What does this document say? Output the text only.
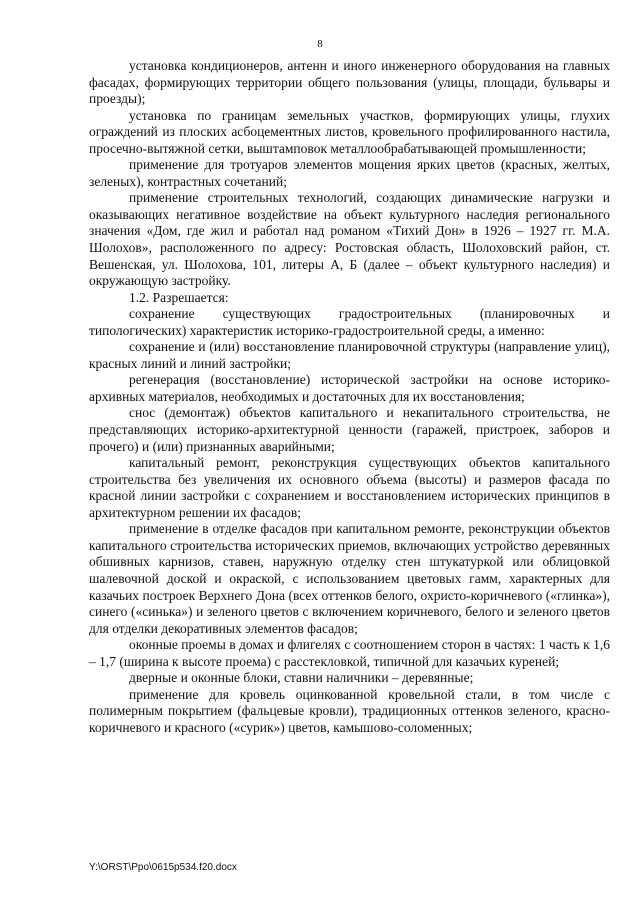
8

установка кондиционеров, антенн и иного инженерного оборудования на главных фасадах, формирующих территории общего пользования (улицы, площади, бульвары и проезды);

установка по границам земельных участков, формирующих улицы, глухих ограждений из плоских асбоцементных листов, кровельного профилированного настила, просечно-вытяжной сетки, выштамповок металлообрабатывающей промышленности;

применение для тротуаров элементов мощения ярких цветов (красных, желтых, зеленых), контрастных сочетаний;

применение строительных технологий, создающих динамические нагрузки и оказывающих негативное воздействие на объект культурного наследия регионального значения «Дом, где жил и работал над романом «Тихий Дон» в 1926 – 1927 гг. М.А. Шолохов», расположенного по адресу: Ростовская область, Шолоховский район, ст. Вешенская, ул. Шолохова, 101, литеры А, Б (далее – объект культурного наследия) и окружающую застройку.

1.2. Разрешается:

сохранение существующих градостроительных (планировочных и типологических) характеристик историко-градостроительной среды, а именно:

сохранение и (или) восстановление планировочной структуры (направление улиц), красных линий и линий застройки;

регенерация (восстановление) исторической застройки на основе историко-архивных материалов, необходимых и достаточных для их восстановления;

снос (демонтаж) объектов капитального и некапитального строительства, не представляющих историко-архитектурной ценности (гаражей, пристроек, заборов и прочего) и (или) признанных аварийными;

капитальный ремонт, реконструкция существующих объектов капитального строительства без увеличения их основного объема (высоты) и размеров фасада по красной линии застройки с сохранением и восстановлением исторических принципов в архитектурном решении их фасадов;

применение в отделке фасадов при капитальном ремонте, реконструкции объектов капитального строительства исторических приемов, включающих устройство деревянных обшивных карнизов, ставен, наружную отделку стен штукатуркой или облицовкой шалевочной доской и окраской, с использованием цветовых гамм, характерных для казачьих построек Верхнего Дона (всех оттенков белого, охристо-коричневого («глинка»), синего («синька») и зеленого цветов с включением коричневого, белого и зеленого цветов для отделки декоративных элементов фасадов;

оконные проемы в домах и флигелях с соотношением сторон в частях: 1 часть к 1,6 – 1,7 (ширина к высоте проема) с расстекловкой, типичной для казачьих куреней;

дверные и оконные блоки, ставни наличники – деревянные;

применение для кровель оцинкованной кровельной стали, в том числе с полимерным покрытием (фальцевые кровли), традиционных оттенков зеленого, красно-коричневого и красного («сурик») цветов, камышово-соломенных;

Y:\ORST\Ppo\0615p534.f20.docx
